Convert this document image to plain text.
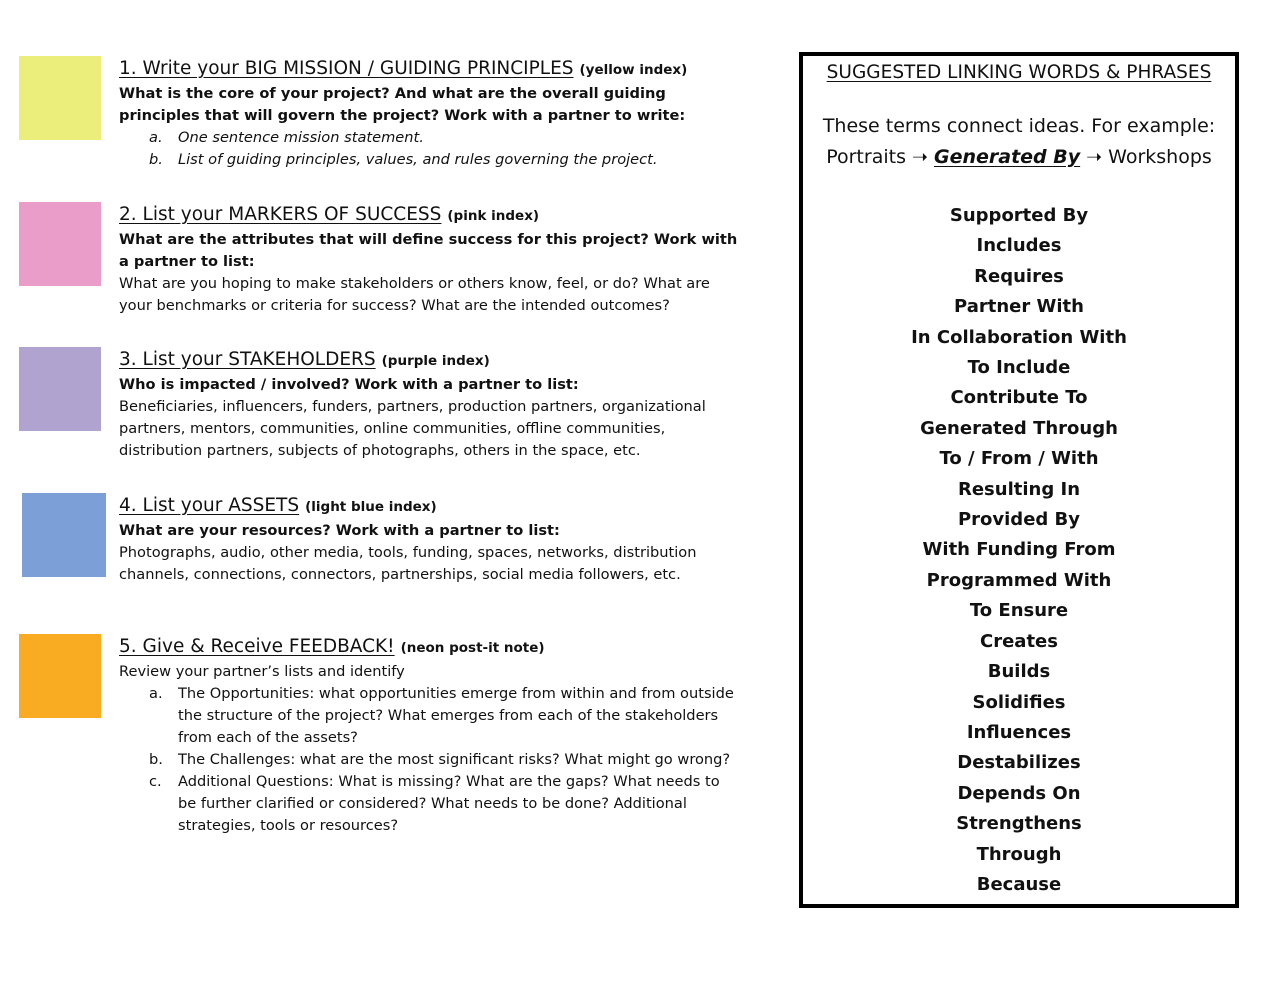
1. Write your BIG MISSION / GUIDING PRINCIPLES (yellow index)
What is the core of your project? And what are the overall guiding principles that will govern the project? Work with a partner to write:
a. One sentence mission statement.
b. List of guiding principles, values, and rules governing the project.
2. List your MARKERS OF SUCCESS (pink index)
What are the attributes that will define success for this project? Work with a partner to list:
What are you hoping to make stakeholders or others know, feel, or do? What are your benchmarks or criteria for success? What are the intended outcomes?
3. List your STAKEHOLDERS (purple index)
Who is impacted / involved? Work with a partner to list:
Beneficiaries, influencers, funders, partners, production partners, organizational partners, mentors, communities, online communities, offline communities, distribution partners, subjects of photographs, others in the space, etc.
4. List your ASSETS (light blue index)
What are your resources? Work with a partner to list:
Photographs, audio, other media, tools, funding, spaces, networks, distribution channels, connections, connectors, partnerships, social media followers, etc.
5. Give & Receive FEEDBACK! (neon post-it note)
Review your partner’s lists and identify
a. The Opportunities: what opportunities emerge from within and from outside the structure of the project? What emerges from each of the stakeholders from each of the assets?
b. The Challenges: what are the most significant risks? What might go wrong?
c. Additional Questions: What is missing? What are the gaps? What needs to be further clarified or considered? What needs to be done? Additional strategies, tools or resources?
SUGGESTED LINKING WORDS & PHRASES
These terms connect ideas. For example:
Portraits ➝ Generated By ➝ Workshops
Supported By
Includes
Requires
Partner With
In Collaboration With
To Include
Contribute To
Generated Through
To / From / With
Resulting In
Provided By
With Funding From
Programmed With
To Ensure
Creates
Builds
Solidifies
Influences
Destabilizes
Depends On
Strengthens
Through
Because
